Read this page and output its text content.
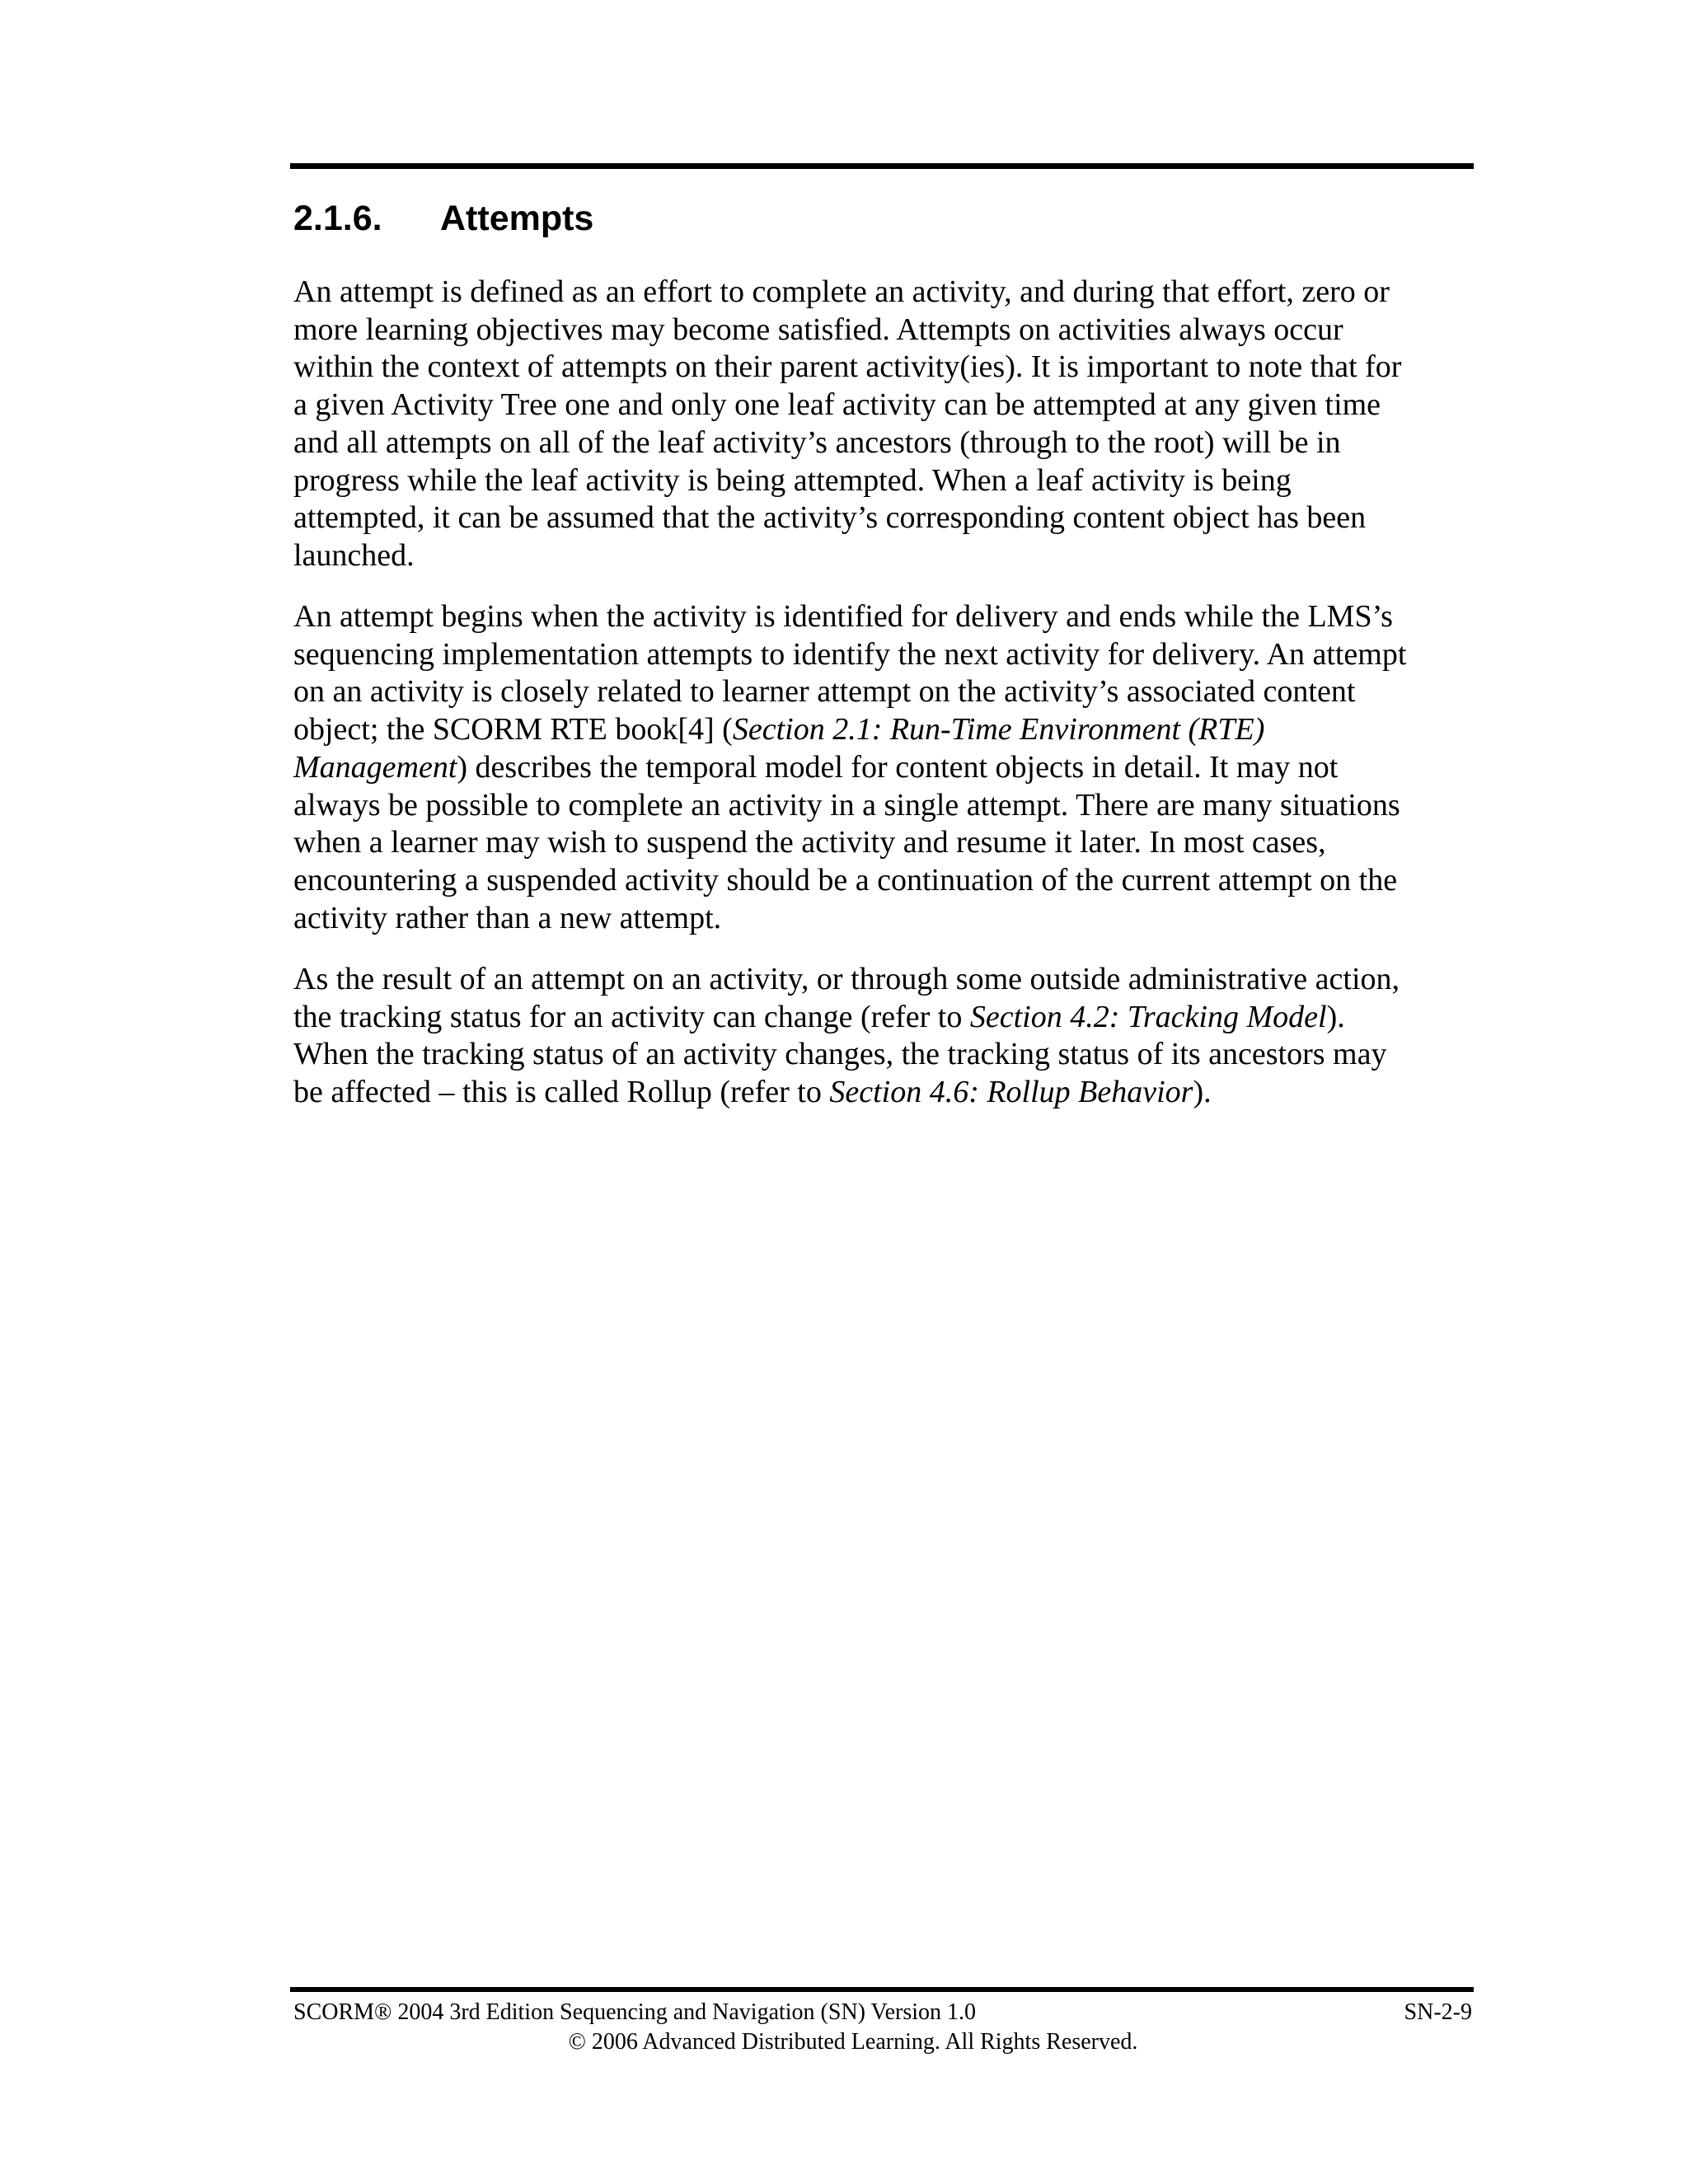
2.1.6. Attempts

An attempt is defined as an effort to complete an activity, and during that effort, zero or
more learning objectives may become satisfied. Attempts on activities always occur
within the context of attempts on their parent activity(ies). It is important to note that for
a given Activity Tree one and only one leaf activity can be attempted at any given time
and all attempts on all of the leaf activity’s ancestors (through to the root) will be in
progress while the leaf activity is being attempted. When a leaf activity is being
attempted, it can be assumed that the activity’s corresponding content object has been
launched.

An attempt begins when the activity is identified for delivery and ends while the LMS’s
sequencing implementation attempts to identify the next activity for delivery. An attempt
on an activity is closely related to learner attempt on the activity’s associated content
object; the SCORM RTE book[4] (Section 2.1: Run-Time Environment (RTE)
Management) describes the temporal model for content objects in detail. It may not
always be possible to complete an activity in a single attempt. There are many situations
when a learner may wish to suspend the activity and resume it later. In most cases,
encountering a suspended activity should be a continuation of the current attempt on the
activity rather than a new attempt.

As the result of an attempt on an activity, or through some outside administrative action,
the tracking status for an activity can change (refer to Section 4.2: Tracking Model).
When the tracking status of an activity changes, the tracking status of its ancestors may
be affected – this is called Rollup (refer to Section 4.6: Rollup Behavior).

SCORM® 2004 3rd Edition Sequencing and Navigation (SN) Version 1.0	SN-2-9
© 2006 Advanced Distributed Learning. All Rights Reserved.
